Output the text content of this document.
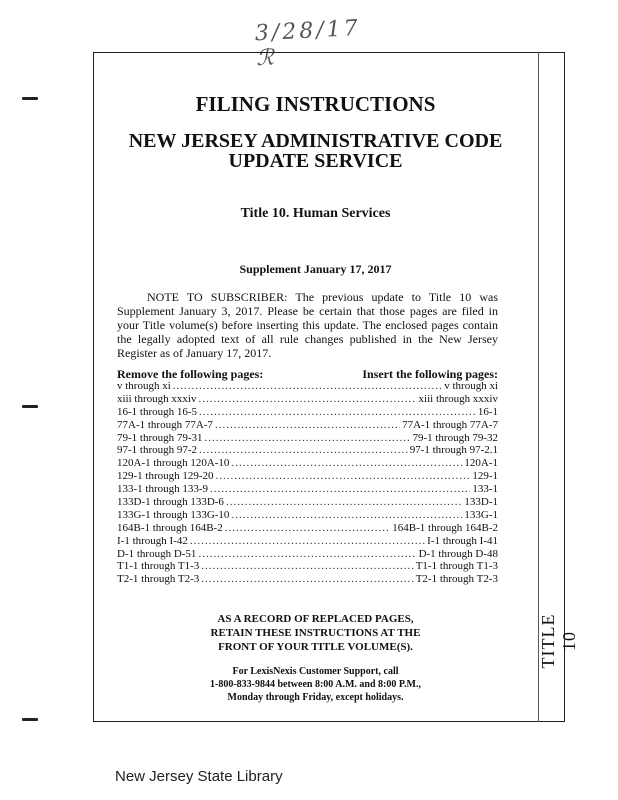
3/28/17 ℛ
TITLE 10
FILING INSTRUCTIONS
NEW JERSEY ADMINISTRATIVE CODE
UPDATE SERVICE
Title 10. Human Services
Supplement January 17, 2017

NOTE TO SUBSCRIBER: The previous update to Title 10 was Supplement January 3, 2017. Please be certain that those pages are filed in your Title volume(s) before inserting this update. The enclosed pages contain the legally adopted text of all rule changes published in the New Jersey Register as of January 17, 2017.

Remove the following pages:	Insert the following pages:
v through xi .....	v through xi
xiii through xxxiv .....	xiii through xxxiv
16-1 through 16-5 .....	16-1
77A-1 through 77A-7 .....	77A-1 through 77A-7
79-1 through 79-31 .....	79-1 through 79-32
97-1 through 97-2 .....	97-1 through 97-2.1
120A-1 through 120A-10 .....	120A-1
129-1 through 129-20 .....	129-1
133-1 through 133-9 .....	133-1
133D-1 through 133D-6 .....	133D-1
133G-1 through 133G-10 .....	133G-1
164B-1 through 164B-2 .....	164B-1 through 164B-2
I-1 through I-42 .....	I-1 through I-41
D-1 through D-51 .....	D-1 through D-48
T1-1 through T1-3 .....	T1-1 through T1-3
T2-1 through T2-3 .....	T2-1 through T2-3
AS A RECORD OF REPLACED PAGES,
RETAIN THESE INSTRUCTIONS AT THE
FRONT OF YOUR TITLE VOLUME(S).
For LexisNexis Customer Support, call
1-800-833-9844 between 8:00 A.M. and 8:00 P.M.,
Monday through Friday, except holidays.
New Jersey State Library
